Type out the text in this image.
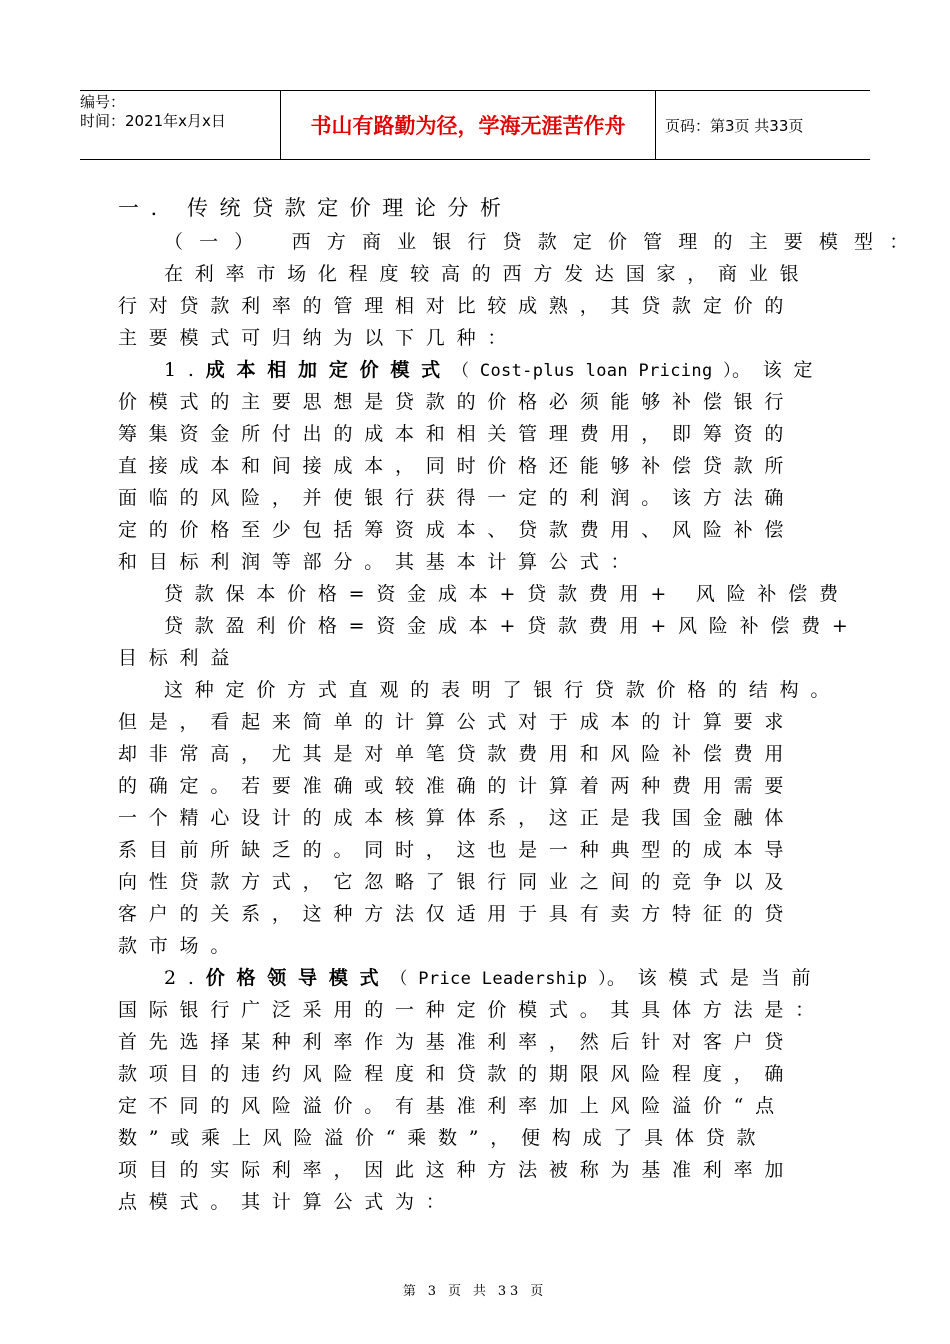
编号：
时间：2021年x月x日	书山有路勤为径，学海无涯苦作舟	页码：第3页 共33页
一. 传统贷款定价理论分析
（一） 西方商业银行贷款定价管理的主要模型：
在利率市场化程度较高的西方发达国家，商业银
行对贷款利率的管理相对比较成熟，其贷款定价的
主要模式可归纳为以下几种：
1.成本相加定价模式（ Cost-plus loan Pricing ）。该定
价模式的主要思想是贷款的价格必须能够补偿银行
筹集资金所付出的成本和相关管理费用，即筹资的
直接成本和间接成本，同时价格还能够补偿贷款所
面临的风险，并使银行获得一定的利润。该方法确
定的价格至少包括筹资成本、贷款费用、风险补偿
和目标利润等部分。其基本计算公式：
贷款保本价格=资金成本+贷款费用+ 风险补偿费
贷款盈利价格=资金成本+贷款费用+风险补偿费+
目标利益
这种定价方式直观的表明了银行贷款价格的结构。
但是，看起来简单的计算公式对于成本的计算要求
却非常高，尤其是对单笔贷款费用和风险补偿费用
的确定。若要准确或较准确的计算着两种费用需要
一个精心设计的成本核算体系，这正是我国金融体
系目前所缺乏的。同时，这也是一种典型的成本导
向性贷款方式，它忽略了银行同业之间的竞争以及
客户的关系，这种方法仅适用于具有卖方特征的贷
款市场。
2.价格领导模式（ Price Leadership ）。该模式是当前
国际银行广泛采用的一种定价模式。其具体方法是：
首先选择某种利率作为基准利率，然后针对客户贷
款项目的违约风险程度和贷款的期限风险程度，确
定不同的风险溢价。有基准利率加上风险溢价“点
数”或乘上风险溢价“乘数”，便构成了具体贷款
项目的实际利率，因此这种方法被称为基准利率加
点模式。其计算公式为：
第 3 页 共 33 页
